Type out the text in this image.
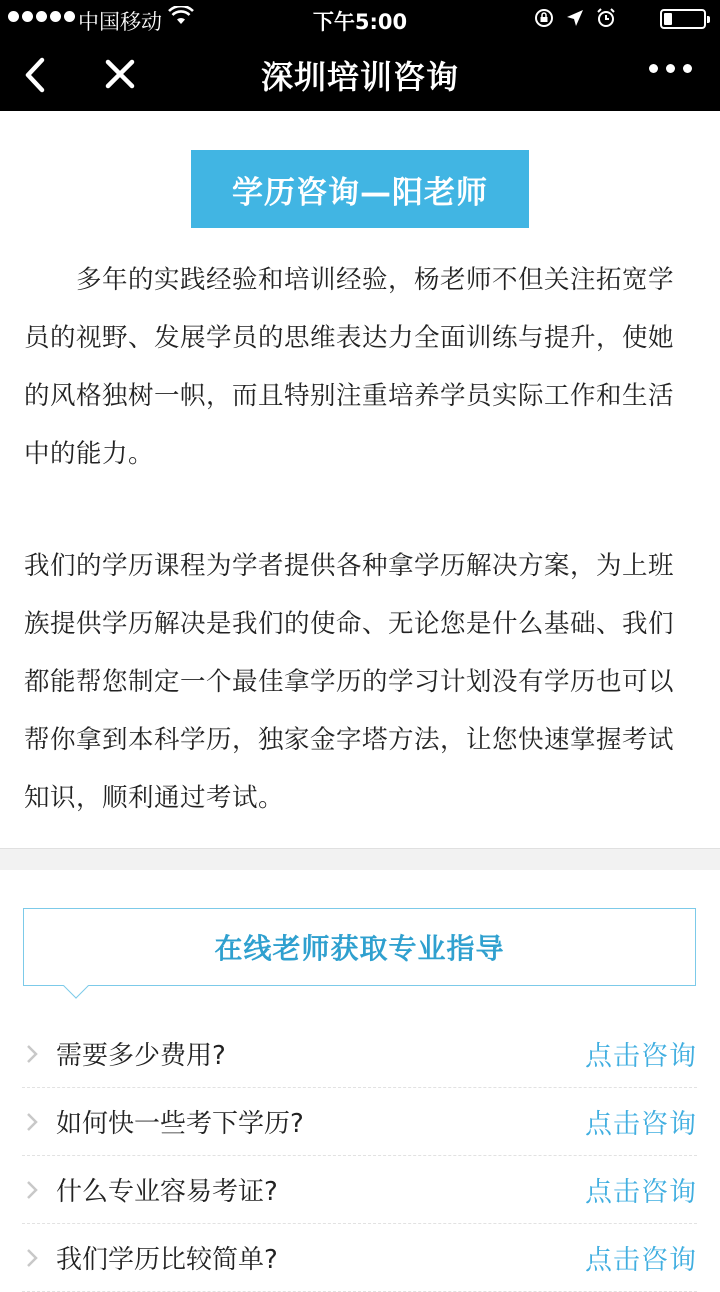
中国移动	下午5:00
深圳培训咨询
学历咨询—阳老师
多年的实践经验和培训经验，杨老师不但关注拓宽学员的视野、发展学员的思维表达力全面训练与提升，使她的风格独树一帜，而且特别注重培养学员实际工作和生活中的能力。
我们的学历课程为学者提供各种拿学历解决方案，为上班族提供学历解决是我们的使命、无论您是什么基础、我们都能帮您制定一个最佳拿学历的学习计划没有学历也可以帮你拿到本科学历，独家金字塔方法，让您快速掌握考试知识，顺利通过考试。
在线老师获取专业指导
需要多少费用?	点击咨询
如何快一些考下学历?	点击咨询
什么专业容易考证?	点击咨询
我们学历比较简单?	点击咨询
